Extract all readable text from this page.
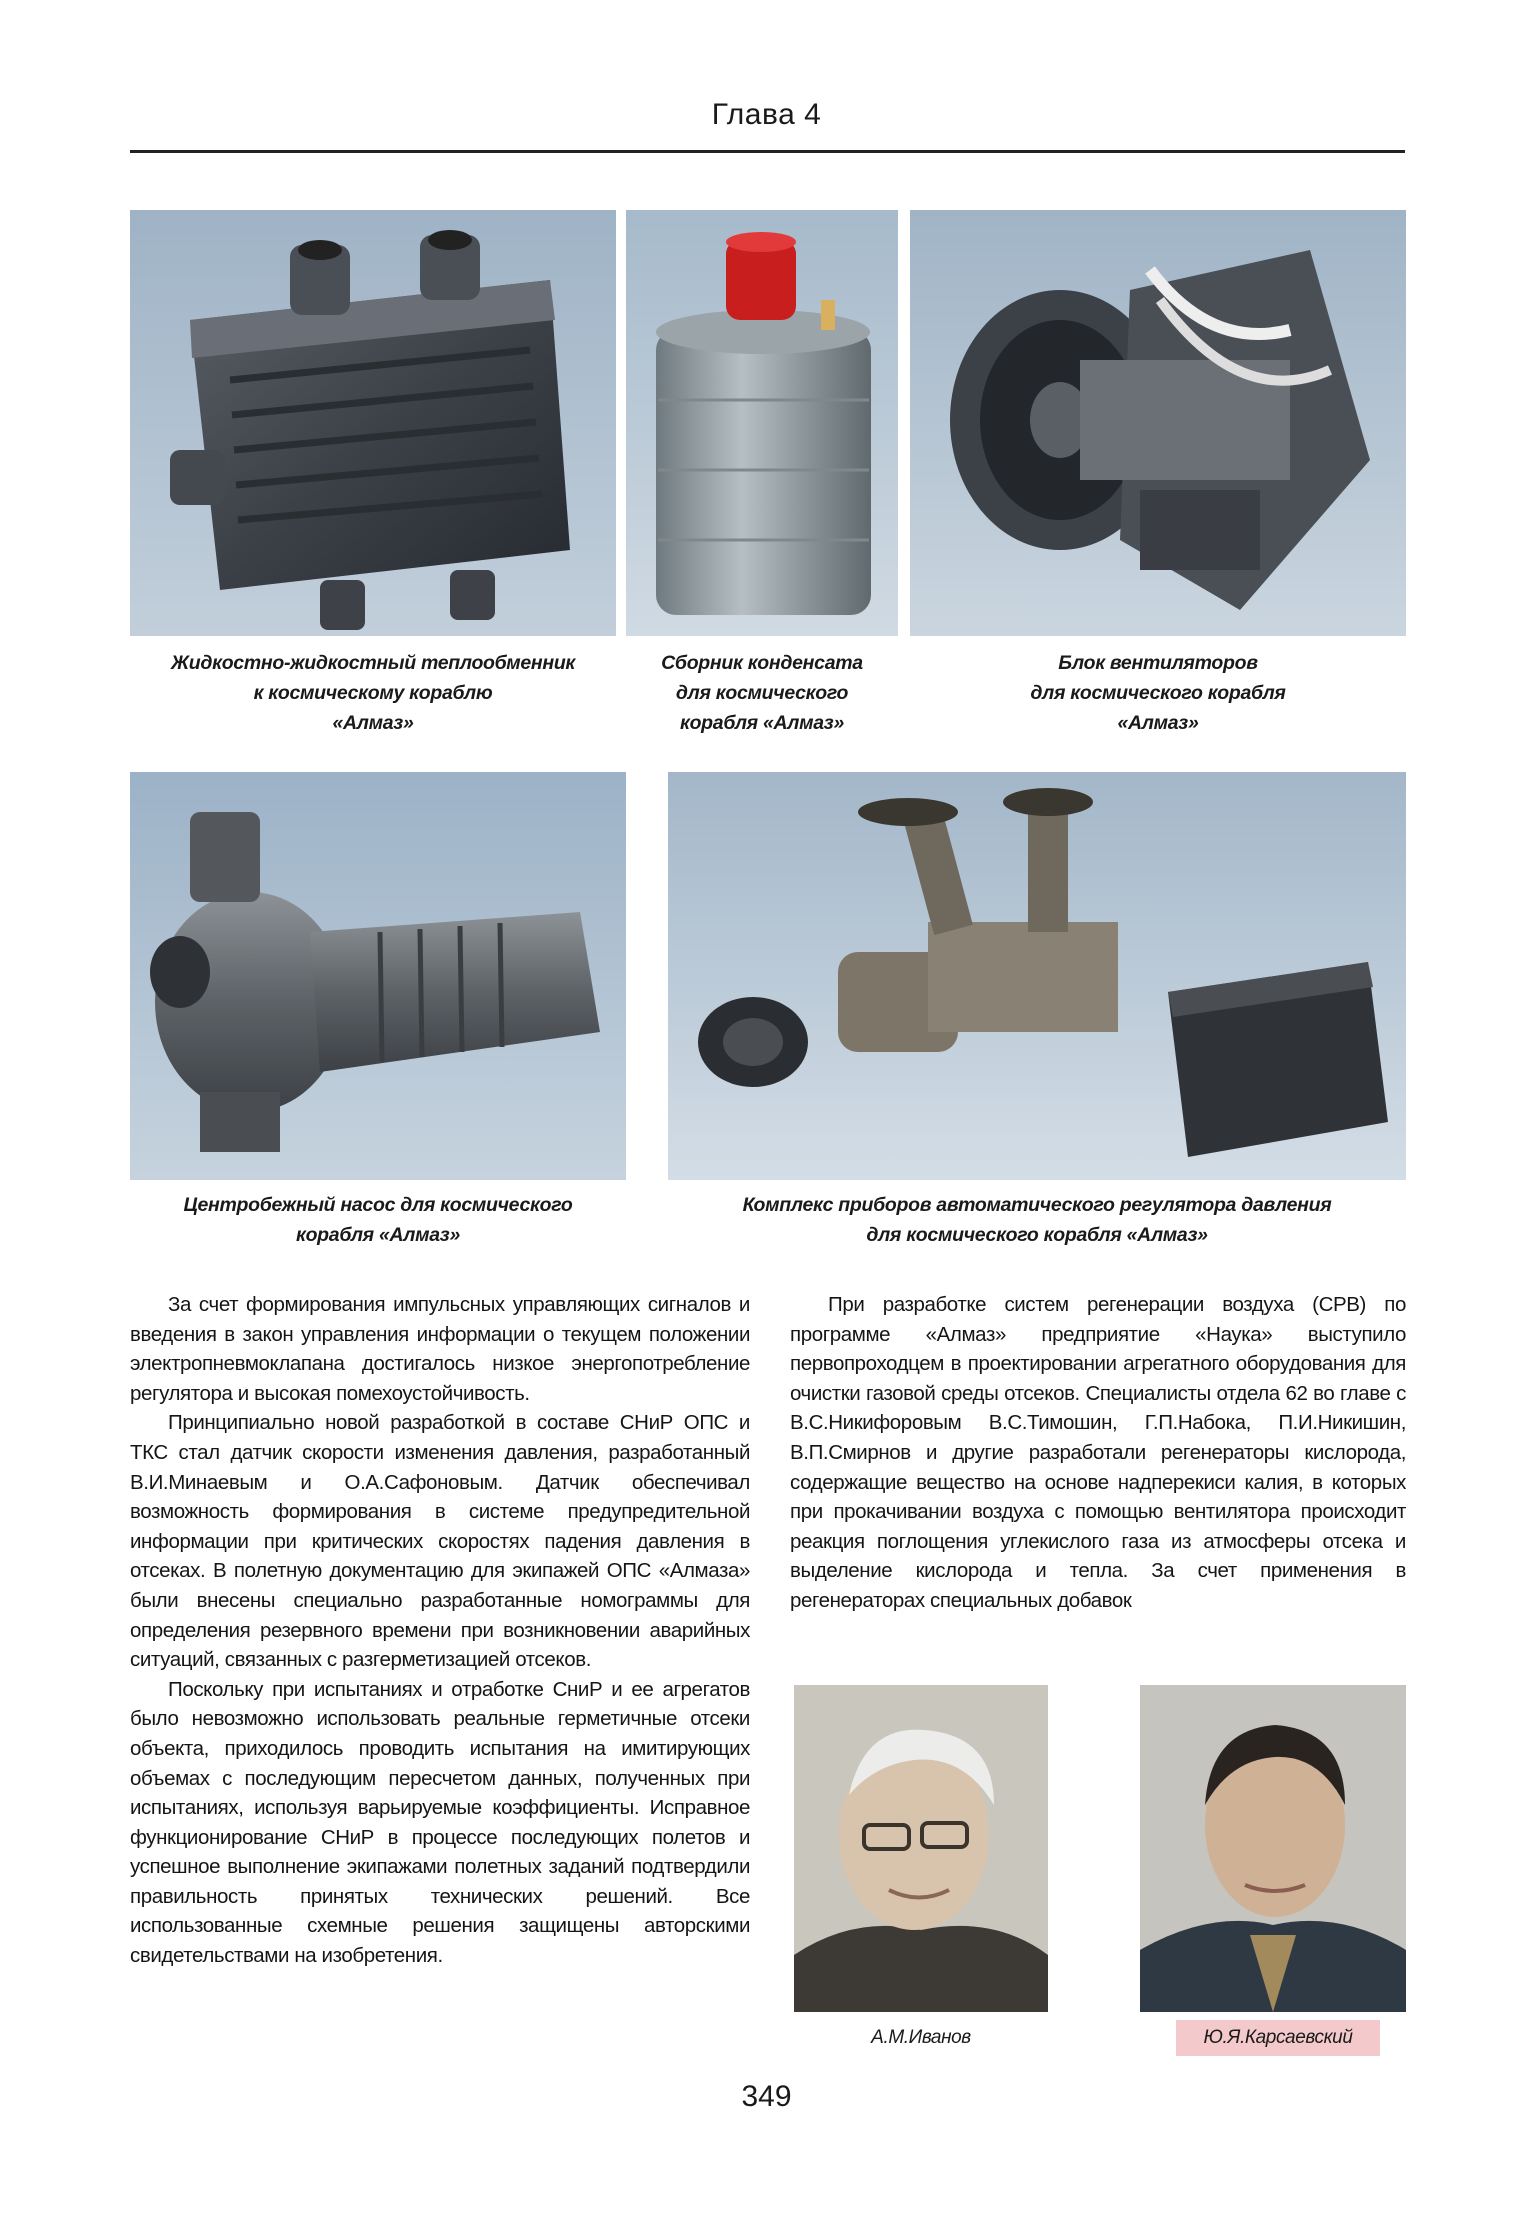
Глава 4
Жидкостно-жидкостный теплообменник
к космическому кораблю
«Алмаз»
Сборник конденсата
для космического
корабля «Алмаз»
Блок вентиляторов
для космического корабля
«Алмаз»
Центробежный насос для космического
корабля «Алмаз»
Комплекс приборов автоматического регулятора давления
для космического корабля «Алмаз»

За счет формирования импульсных управляющих сигналов и введения в закон управления информации о текущем положении электропневмоклапана достигалось низкое энергопотребление регулятора и высокая помехоустойчивость.

Принципиально новой разработкой в составе СНиР ОПС и ТКС стал датчик скорости изменения давления, разработанный В.И.Минаевым и О.А.Сафоновым. Датчик обеспечивал возможность формирования в системе предупредительной информации при критических скоростях падения давления в отсеках. В полетную документацию для экипажей ОПС «Алмаза» были внесены специально разработанные номограммы для определения резервного времени при возникновении аварийных ситуаций, связанных с разгерметизацией отсеков.

Поскольку при испытаниях и отработке СниР и ее агрегатов было невозможно использовать реальные герметичные отсеки объекта, приходилось проводить испытания на имитирующих объемах с последующим пересчетом данных, полученных при испытаниях, используя варьируемые коэффициенты. Исправное функционирование СНиР в процессе последующих полетов и успешное выполнение экипажами полетных заданий подтвердили правильность принятых технических решений. Все использованные схемные решения защищены авторскими свидетельствами на изобретения.

При разработке систем регенерации воздуха (СРВ) по программе «Алмаз» предприятие «Наука» выступило первопроходцем в проектировании агрегатного оборудования для очистки газовой среды отсеков. Специалисты отдела 62 во главе с В.С.Никифоровым В.С.Тимошин, Г.П.Набока, П.И.Никишин, В.П.Смирнов и другие разработали регенераторы кислорода, содержащие вещество на основе надперекиси калия, в которых при прокачивании воздуха с помощью вентилятора происходит реакция поглощения углекислого газа из атмосферы отсека и выделение кислорода и тепла. За счет применения в регенераторах специальных добавок

А.М.Иванов	Ю.Я.Карсаевский
349
